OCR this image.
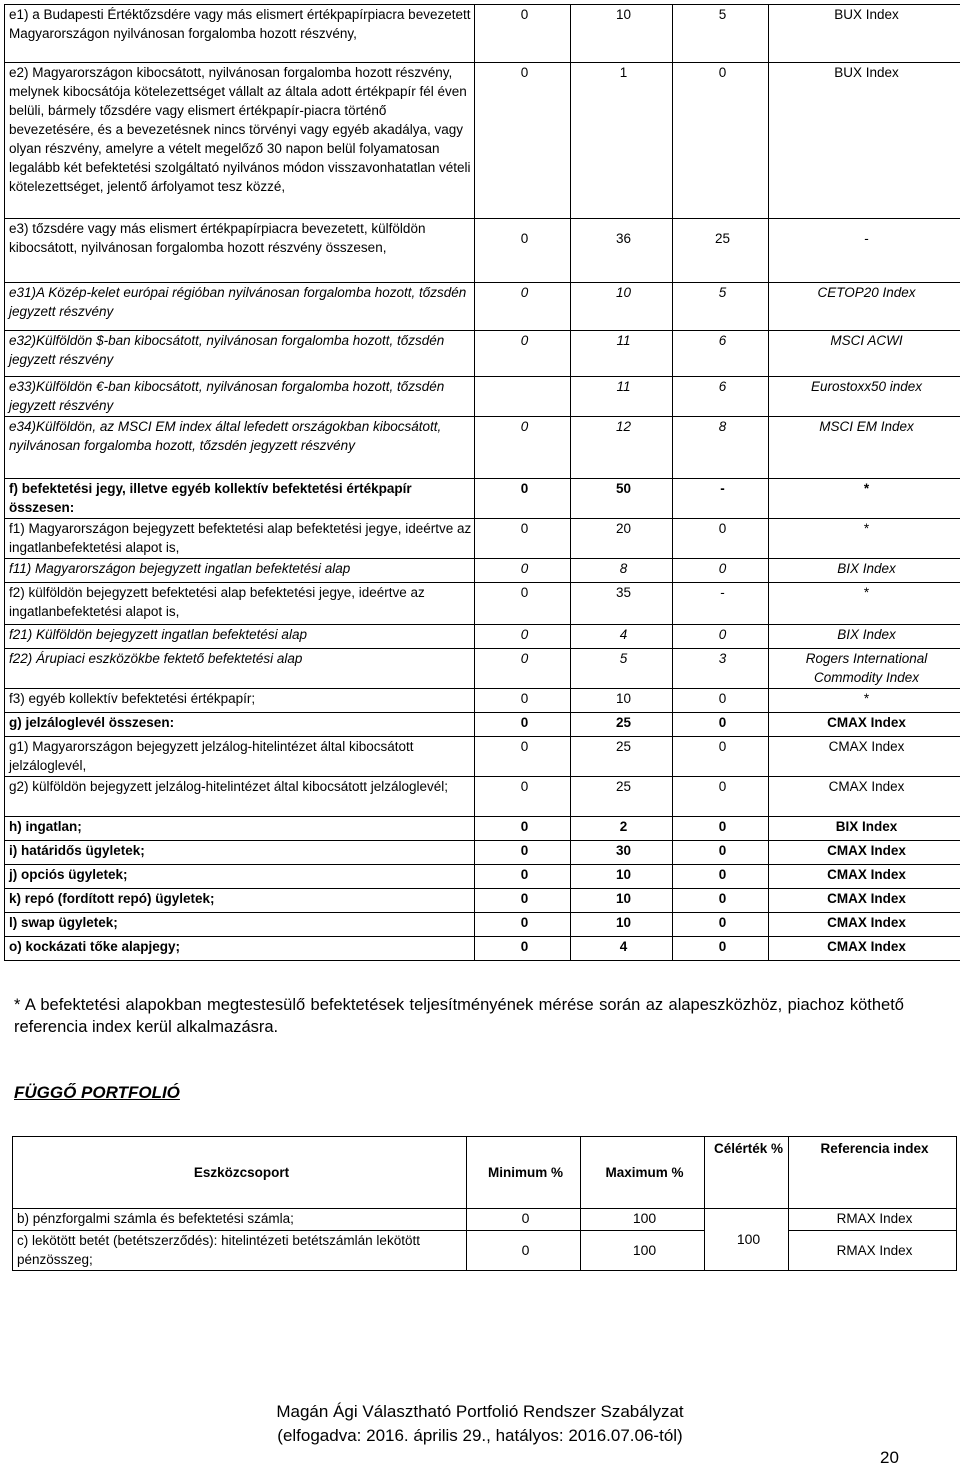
e1) a Budapesti Értéktőzsdére vagy más elismert értékpapírpiacra bevezetett Magyarországon nyilvánosan forgalomba hozott részvény,	0	10	5	BUX Index
e2) Magyarországon kibocsátott, nyilvánosan forgalomba hozott részvény, melynek kibocsátója kötelezettséget vállalt az általa adott értékpapír fél éven belüli, bármely tőzsdére vagy elismert értékpapír-piacra történő bevezetésére, és a bevezetésnek nincs törvényi vagy egyéb akadálya, vagy olyan részvény, amelyre a vételt megelőző 30 napon belül folyamatosan legalább két befektetési szolgáltató nyilvános módon visszavonhatatlan vételi kötelezettséget, jelentő árfolyamot tesz közzé,	0	1	0	BUX Index
e3) tőzsdére vagy más elismert értékpapírpiacra bevezetett, külföldön kibocsátott, nyilvánosan forgalomba hozott részvény összesen,	0	36	25	-
e31)A Közép-kelet európai régióban nyilvánosan forgalomba hozott, tőzsdén jegyzett részvény	0	10	5	CETOP20 Index
e32)Külföldön $-ban kibocsátott, nyilvánosan forgalomba hozott, tőzsdén jegyzett részvény	0	11	6	MSCI ACWI
e33)Külföldön €-ban kibocsátott, nyilvánosan forgalomba hozott, tőzsdén jegyzett részvény		11	6	Eurostoxx50 index
e34)Külföldön, az MSCI EM index által lefedett országokban kibocsátott, nyilvánosan forgalomba hozott, tőzsdén jegyzett részvény	0	12	8	MSCI EM Index
f) befektetési jegy, illetve egyéb kollektív befektetési értékpapír összesen:	0	50	-	*
f1) Magyarországon bejegyzett befektetési alap befektetési jegye, ideértve az ingatlanbefektetési alapot is,	0	20	0	*
f11) Magyarországon bejegyzett ingatlan befektetési alap	0	8	0	BIX Index
f2) külföldön bejegyzett befektetési alap befektetési jegye, ideértve az ingatlanbefektetési alapot is,	0	35	-	*
f21) Külföldön bejegyzett ingatlan befektetési alap	0	4	0	BIX Index
f22) Árupiaci eszközökbe fektető befektetési alap	0	5	3	Rogers International Commodity Index
f3) egyéb kollektív befektetési értékpapír;	0	10	0	*
g) jelzáloglevél összesen:	0	25	0	CMAX Index
g1) Magyarországon bejegyzett jelzálog-hitelintézet által kibocsátott jelzáloglevél,	0	25	0	CMAX Index
g2) külföldön bejegyzett jelzálog-hitelintézet által kibocsátott jelzáloglevél;	0	25	0	CMAX Index
h) ingatlan;	0	2	0	BIX Index
i) határidős ügyletek;	0	30	0	CMAX Index
j) opciós ügyletek;	0	10	0	CMAX Index
k) repó (fordított repó) ügyletek;	0	10	0	CMAX Index
l) swap ügyletek;	0	10	0	CMAX Index
o) kockázati tőke alapjegy;	0	4	0	CMAX Index
* A befektetési alapokban megtestesülő befektetések teljesítményének mérése során az alapeszközhöz, piachoz köthető referencia index kerül alkalmazásra.
FÜGGŐ PORTFOLIÓ
Eszközcsoport	Minimum %	Maximum %	Célérték %	Referencia index
b) pénzforgalmi számla és befektetési számla;	0	100	100	RMAX Index
c) lekötött betét (betétszerződés): hitelintézeti betétszámlán lekötött pénzösszeg;	0	100		RMAX Index
Magán Ági Választható Portfolió Rendszer Szabályzat
(elfogadva: 2016. április 29., hatályos: 2016.07.06-tól)
20
